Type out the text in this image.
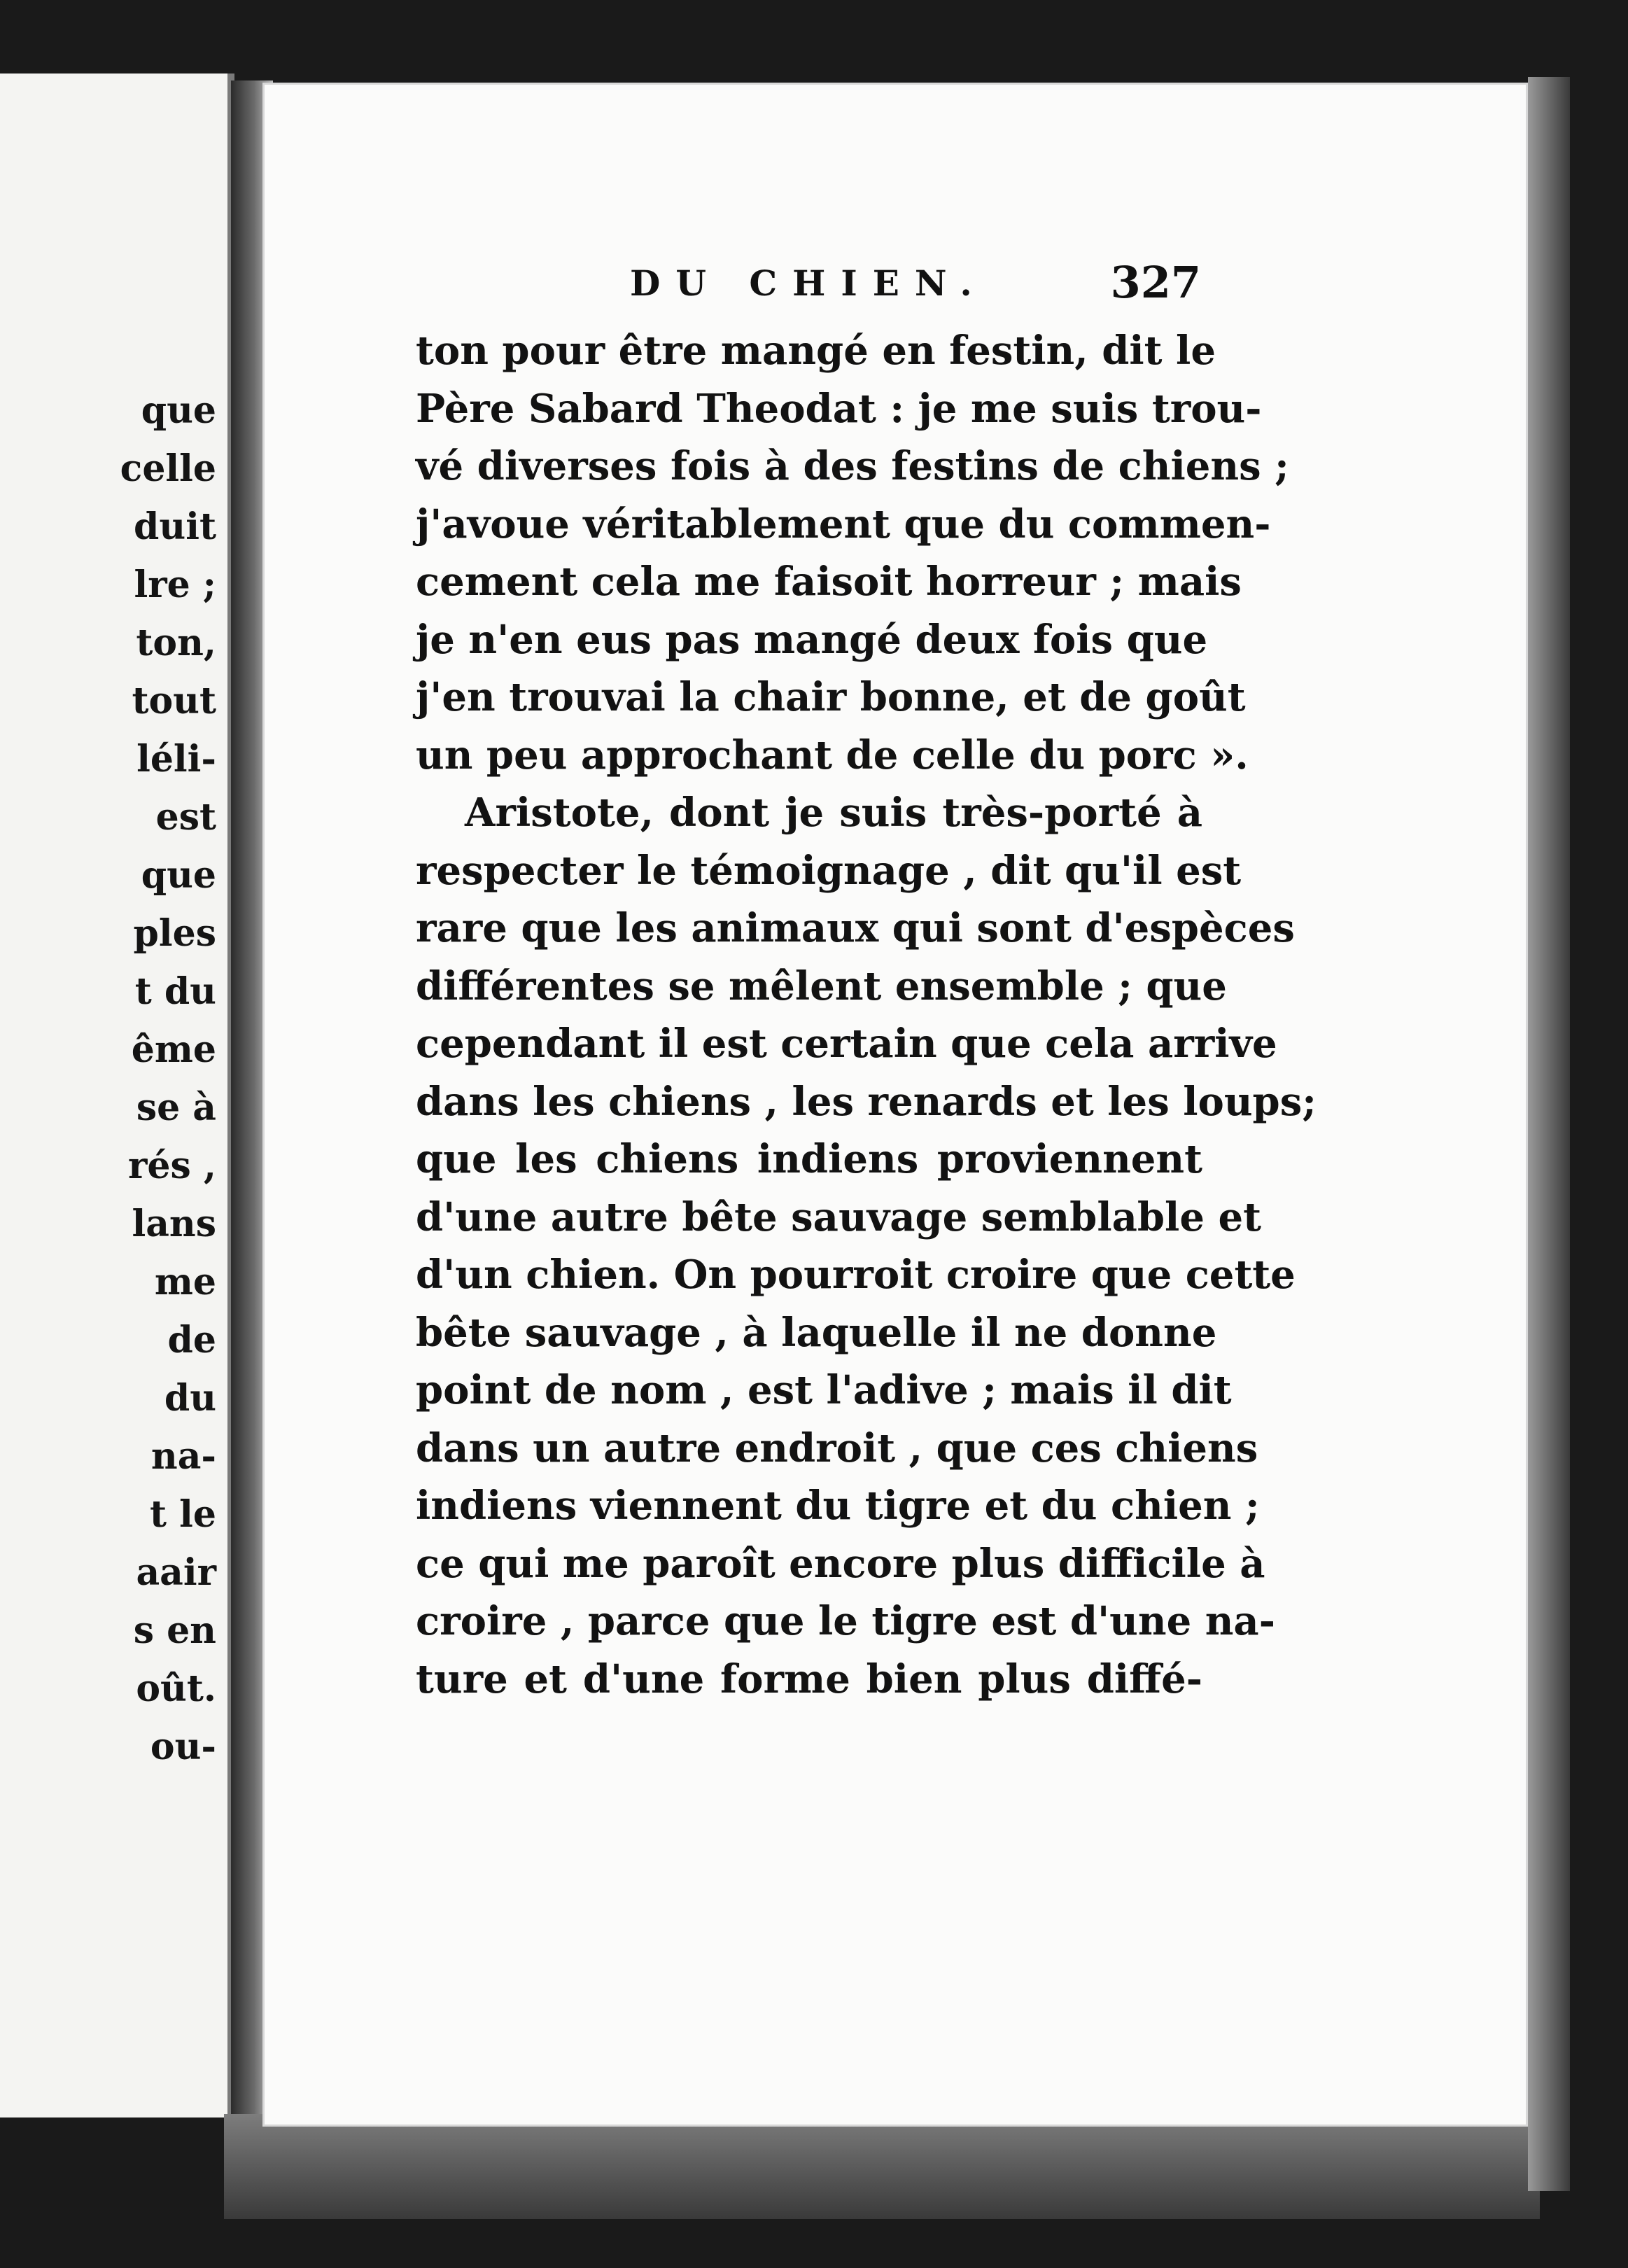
que
celle
duit
lre ;
ton,
tout
léli-
est
que
ples
t du
ême
se à
rés ,
lans
me
de
du
na-
t le
aair
s en
oût.
ou-
DU CHIEN.	327
ton pour être mangé en festin, dit le
Père Sabard Theodat : je me suis trou-
vé diverses fois à des festins de chiens ;
j'avoue véritablement que du commen-
cement cela me faisoit horreur ; mais
je n'en eus pas mangé deux fois que
j'en trouvai la chair bonne, et de goût
un peu approchant de celle du porc ».
Aristote, dont je suis très-porté à
respecter le témoignage , dit qu'il est
rare que les animaux qui sont d'espèces
différentes se mêlent ensemble ; que
cependant il est certain que cela arrive
dans les chiens , les renards et les loups;
que les chiens indiens proviennent
d'une autre bête sauvage semblable et
d'un chien. On pourroit croire que cette
bête sauvage , à laquelle il ne donne
point de nom , est l'adive ; mais il dit
dans un autre endroit , que ces chiens
indiens viennent du tigre et du chien ;
ce qui me paroît encore plus difficile à
croire , parce que le tigre est d'une na-
ture et d'une forme bien plus diffé-
